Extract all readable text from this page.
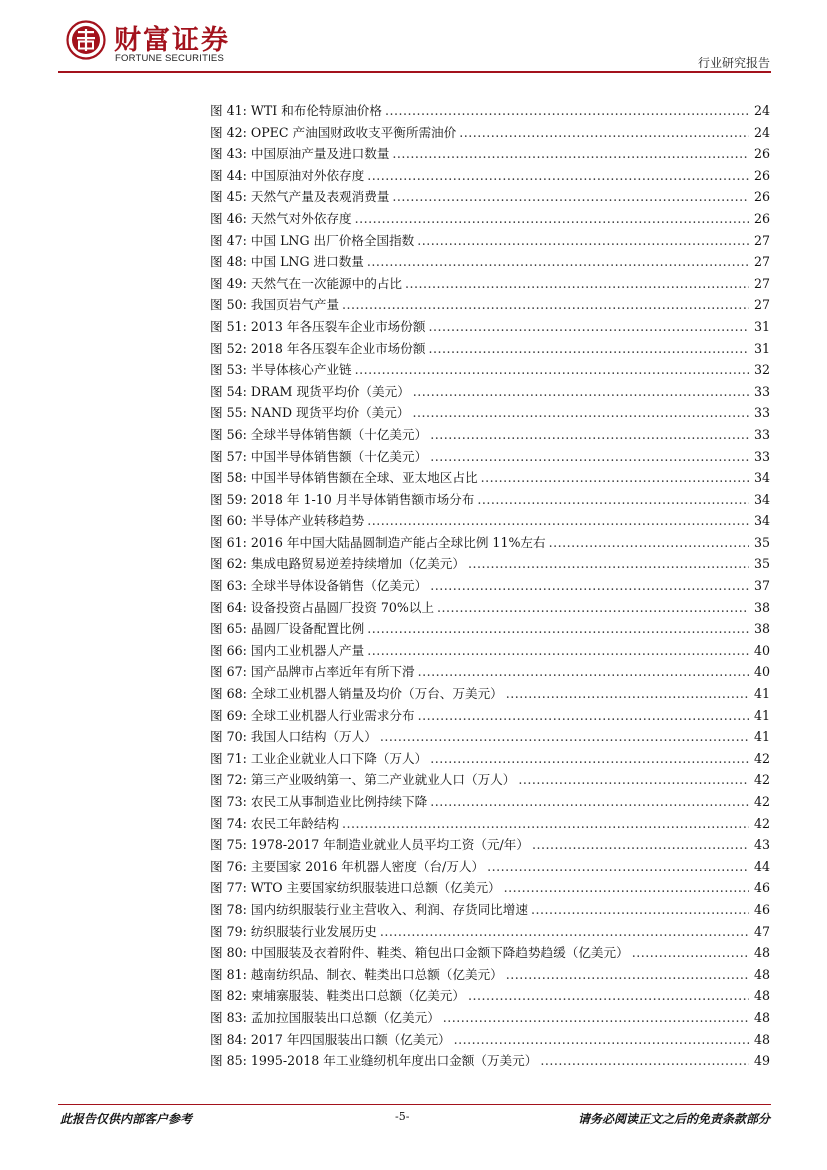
财富证券
FORTUNE SECURITIES	行业研究报告
图 41: WTI 和布伦特原油价格 .....	24
图 42: OPEC 产油国财政收支平衡所需油价 .....	24
图 43: 中国原油产量及进口数量 .....	26
图 44: 中国原油对外依存度 .....	26
图 45: 天然气产量及表观消费量 .....	26
图 46: 天然气对外依存度 .....	26
图 47: 中国 LNG 出厂价格全国指数 .....	27
图 48: 中国 LNG 进口数量 .....	27
图 49: 天然气在一次能源中的占比 .....	27
图 50: 我国页岩气产量 .....	27
图 51: 2013 年各压裂车企业市场份额 .....	31
图 52: 2018 年各压裂车企业市场份额 .....	31
图 53: 半导体核心产业链 .....	32
图 54: DRAM 现货平均价（美元） .....	33
图 55: NAND 现货平均价（美元） .....	33
图 56: 全球半导体销售额（十亿美元） .....	33
图 57: 中国半导体销售额（十亿美元） .....	33
图 58: 中国半导体销售额在全球、亚太地区占比 .....	34
图 59: 2018 年 1-10 月半导体销售额市场分布 .....	34
图 60: 半导体产业转移趋势 .....	34
图 61: 2016 年中国大陆晶圆制造产能占全球比例 11%左右 .....	35
图 62: 集成电路贸易逆差持续增加（亿美元） .....	35
图 63: 全球半导体设备销售（亿美元） .....	37
图 64: 设备投资占晶圆厂投资 70%以上 .....	38
图 65: 晶圆厂设备配置比例 .....	38
图 66: 国内工业机器人产量 .....	40
图 67: 国产品牌市占率近年有所下滑 .....	40
图 68: 全球工业机器人销量及均价（万台、万美元） .....	41
图 69: 全球工业机器人行业需求分布 .....	41
图 70: 我国人口结构（万人） .....	41
图 71: 工业企业就业人口下降（万人） .....	42
图 72: 第三产业吸纳第一、第二产业就业人口（万人） .....	42
图 73: 农民工从事制造业比例持续下降 .....	42
图 74: 农民工年龄结构 .....	42
图 75: 1978-2017 年制造业就业人员平均工资（元/年） .....	43
图 76: 主要国家 2016 年机器人密度（台/万人） .....	44
图 77: WTO 主要国家纺织服装进口总额（亿美元） .....	46
图 78: 国内纺织服装行业主营收入、利润、存货同比增速 .....	46
图 79: 纺织服装行业发展历史 .....	47
图 80: 中国服装及衣着附件、鞋类、箱包出口金额下降趋势趋缓（亿美元） .....	48
图 81: 越南纺织品、制衣、鞋类出口总额（亿美元） .....	48
图 82: 柬埔寨服装、鞋类出口总额（亿美元） .....	48
图 83: 孟加拉国服装出口总额（亿美元） .....	48
图 84: 2017 年四国服装出口额（亿美元） .....	48
图 85: 1995-2018 年工业缝纫机年度出口金额（万美元） .....	49
此报告仅供内部客户参考	-5-	请务必阅读正文之后的免责条款部分
